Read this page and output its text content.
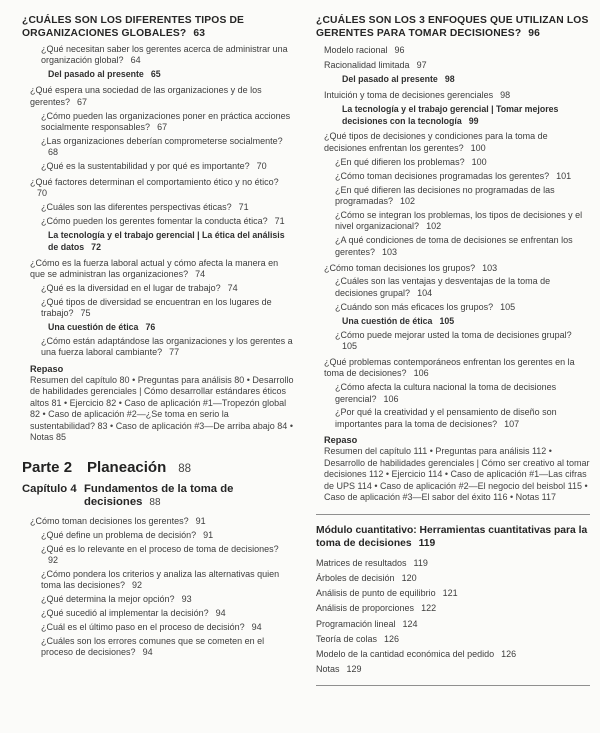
¿CUÁLES SON LOS DIFERENTES TIPOS DE ORGANIZACIONES GLOBALES? 63
¿Qué necesitan saber los gerentes acerca de administrar una organización global? 64
Del pasado al presente 65
¿Qué espera una sociedad de las organizaciones y de los gerentes? 67
¿Cómo pueden las organizaciones poner en práctica acciones socialmente responsables? 67
¿Las organizaciones deberían comprometerse socialmente?68
¿Qué es la sustentabilidad y por qué es importante? 70
¿Qué factores determinan el comportamiento ético y no ético?70
¿Cuáles son las diferentes perspectivas éticas? 71
¿Cómo pueden los gerentes fomentar la conducta ética? 71
La tecnología y el trabajo gerencial | La ética del análisis de datos 72
¿Cómo es la fuerza laboral actual y cómo afecta la manera en que se administran las organizaciones? 74
¿Qué es la diversidad en el lugar de trabajo? 74
¿Qué tipos de diversidad se encuentran en los lugares de trabajo? 75
Una cuestión de ética 76
¿Cómo están adaptándose las organizaciones y los gerentes a una fuerza laboral cambiante? 77
Repaso
Resumen del capítulo 80 • Preguntas para análisis 80 • Desarrollo de habilidades gerenciales | Cómo desarrollar estándares éticos altos 81 • Ejercicio 82 • Caso de aplicación #1—Tropezón global 82 • Caso de aplicación #2—¿Se toma en serio la sustentabilidad? 83 • Caso de aplicación #3—De arriba abajo 84 • Notas 85
Parte 2 Planeación 88
Capítulo 4 Fundamentos de la toma de decisiones 88
¿Cómo toman decisiones los gerentes? 91
¿Qué define un problema de decisión? 91
¿Qué es lo relevante en el proceso de toma de decisiones?92
¿Cómo pondera los criterios y analiza las alternativas quien toma las decisiones? 92
¿Qué determina la mejor opción? 93
¿Qué sucedió al implementar la decisión? 94
¿Cuál es el último paso en el proceso de decisión? 94
¿Cuáles son los errores comunes que se cometen en el proceso de decisiones? 94
¿CUÁLES SON LOS 3 ENFOQUES QUE UTILIZAN LOS GERENTES PARA TOMAR DECISIONES? 96
Modelo racional 96
Racionalidad limitada 97
Del pasado al presente 98
Intuición y toma de decisiones gerenciales 98
La tecnología y el trabajo gerencial | Tomar mejores decisiones con la tecnología 99
¿Qué tipos de decisiones y condiciones para la toma de decisiones enfrentan los gerentes? 100
¿En qué difieren los problemas? 100
¿Cómo toman decisiones programadas los gerentes? 101
¿En qué difieren las decisiones no programadas de las programadas? 102
¿Cómo se integran los problemas, los tipos de decisiones y el nivel organizacional? 102
¿A qué condiciones de toma de decisiones se enfrentan los gerentes? 103
¿Cómo toman decisiones los grupos? 103
¿Cuáles son las ventajas y desventajas de la toma de decisiones grupal? 104
¿Cuándo son más eficaces los grupos? 105
Una cuestión de ética 105
¿Cómo puede mejorar usted la toma de decisiones grupal?105
¿Qué problemas contemporáneos enfrentan los gerentes en la toma de decisiones? 106
¿Cómo afecta la cultura nacional la toma de decisiones gerencial? 106
¿Por qué la creatividad y el pensamiento de diseño son importantes para la toma de decisiones? 107
Repaso
Resumen del capítulo 111 • Preguntas para análisis 112 • Desarrollo de habilidades gerenciales | Cómo ser creativo al tomar decisiones 112 • Ejercicio 114 • Caso de aplicación #1—Las cifras de UPS 114 • Caso de aplicación #2—El negocio del beisbol 115 • Caso de aplicación #3—El sabor del éxito 116 • Notas 117
Módulo cuantitativo: Herramientas cuantitativas para la toma de decisiones 119
Matrices de resultados 119
Árboles de decisión 120
Análisis de punto de equilibrio 121
Análisis de proporciones 122
Programación lineal 124
Teoría de colas 126
Modelo de la cantidad económica del pedido 126
Notas 129
